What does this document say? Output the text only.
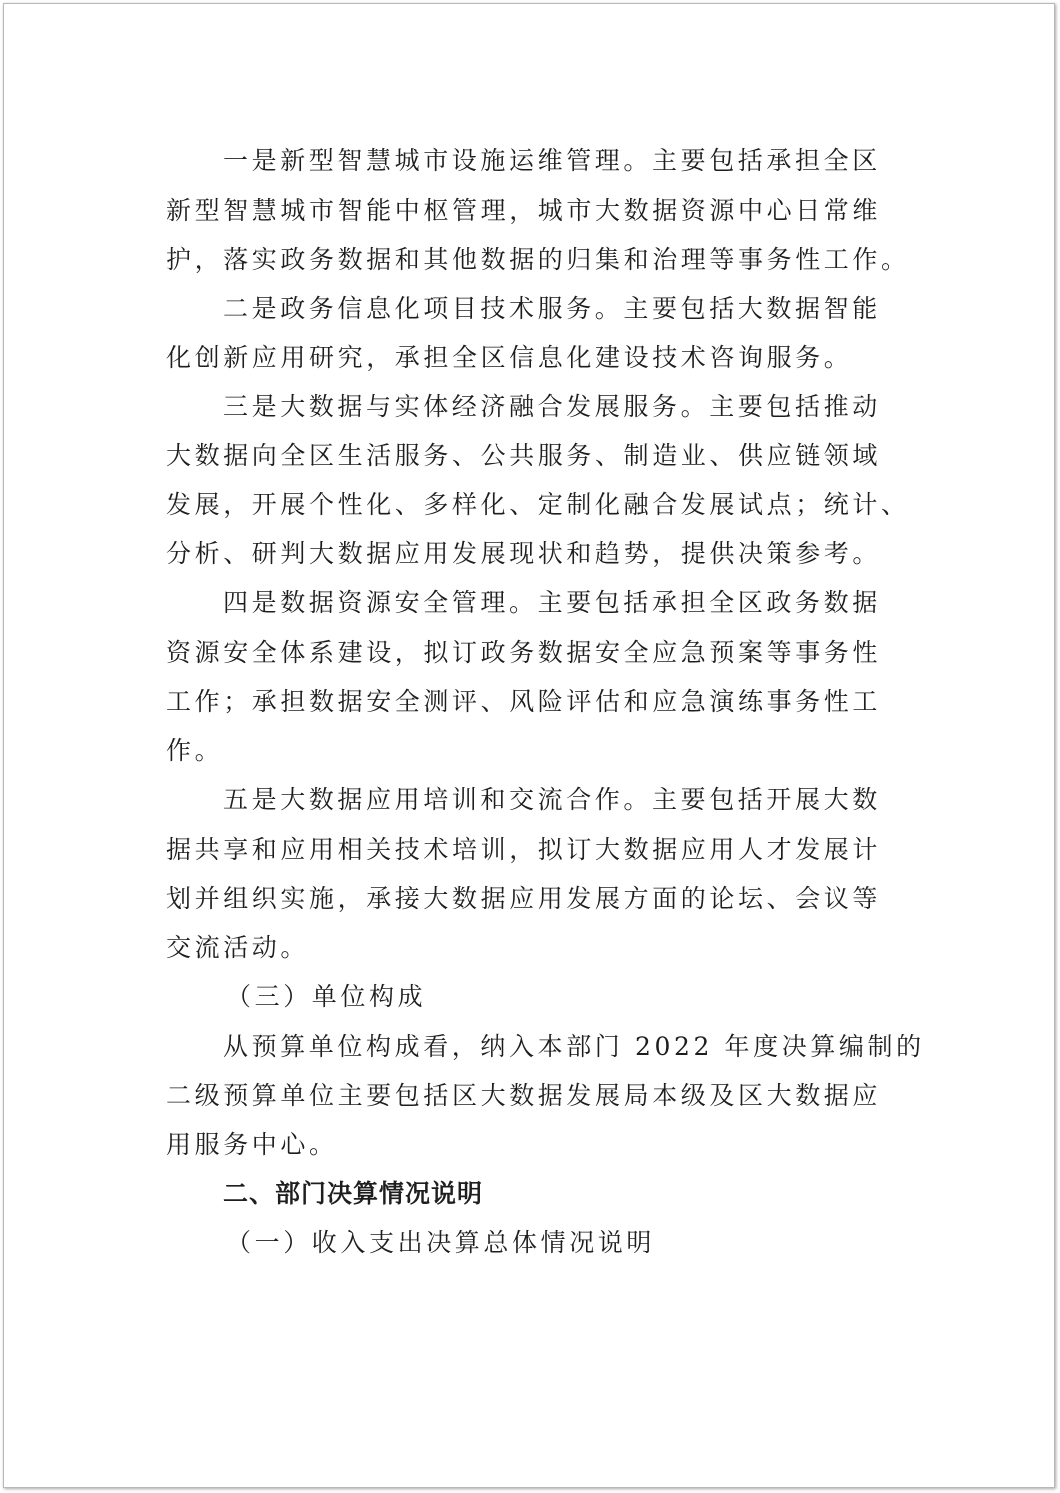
一是新型智慧城市设施运维管理。主要包括承担全区
新型智慧城市智能中枢管理，城市大数据资源中心日常维
护，落实政务数据和其他数据的归集和治理等事务性工作。
二是政务信息化项目技术服务。主要包括大数据智能
化创新应用研究，承担全区信息化建设技术咨询服务。
三是大数据与实体经济融合发展服务。主要包括推动
大数据向全区生活服务、公共服务、制造业、供应链领域
发展，开展个性化、多样化、定制化融合发展试点；统计、
分析、研判大数据应用发展现状和趋势，提供决策参考。
四是数据资源安全管理。主要包括承担全区政务数据
资源安全体系建设，拟订政务数据安全应急预案等事务性
工作；承担数据安全测评、风险评估和应急演练事务性工
作。
五是大数据应用培训和交流合作。主要包括开展大数
据共享和应用相关技术培训，拟订大数据应用人才发展计
划并组织实施，承接大数据应用发展方面的论坛、会议等
交流活动。
（三）单位构成
从预算单位构成看，纳入本部门 2022 年度决算编制的
二级预算单位主要包括区大数据发展局本级及区大数据应
用服务中心。
二、部门决算情况说明
（一）收入支出决算总体情况说明
